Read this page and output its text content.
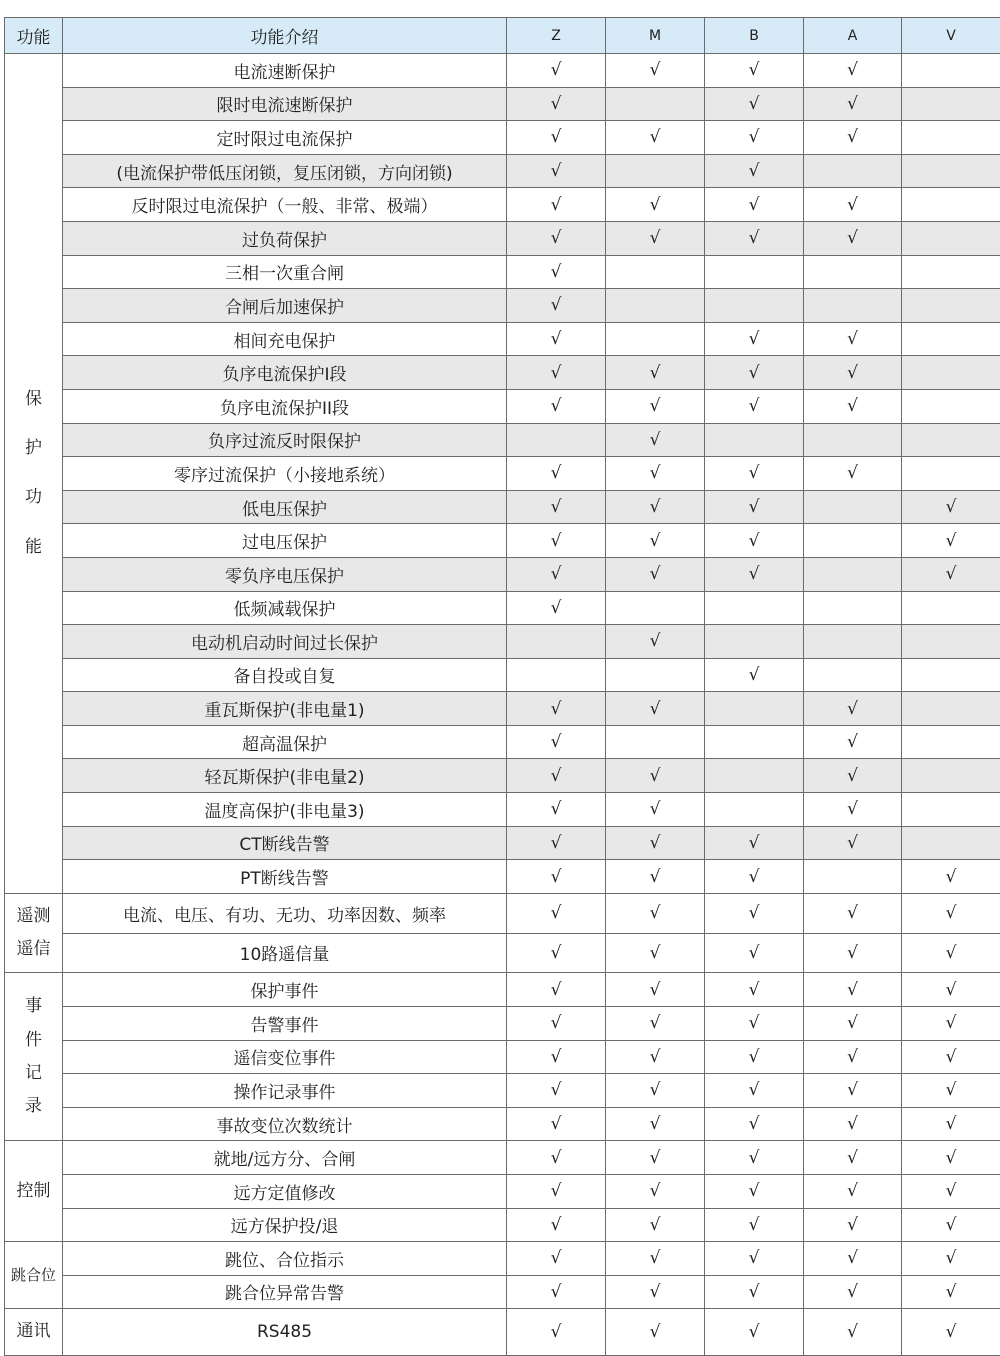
功能	功能介绍	Z	M	B	A	V

保
护
功
能	电流速断保护	√	√	√	√	
	限时电流速断保护	√		√	√	
	定时限过电流保护	√	√	√	√	
	(电流保护带低压闭锁，复压闭锁，方向闭锁)	√		√		
	反时限过电流保护（一般、非常、极端）	√	√	√	√	
	过负荷保护	√	√	√	√	
	三相一次重合闸	√				
	合闸后加速保护	√				
	相间充电保护	√		√	√	
	负序电流保护I段	√	√	√	√	
	负序电流保护II段	√	√	√	√	
	负序过流反时限保护		√			
	零序过流保护（小接地系统）	√	√	√	√	
	低电压保护	√	√	√		√
	过电压保护	√	√	√		√
	零负序电压保护	√	√	√		√
	低频减载保护	√				
	电动机启动时间过长保护		√			
	备自投或自复			√		
	重瓦斯保护(非电量1)	√	√		√	
	超高温保护	√			√	
	轻瓦斯保护(非电量2)	√	√		√	
	温度高保护(非电量3)	√	√		√	
	CT断线告警	√	√	√	√	
	PT断线告警	√	√	√		√

遥测
遥信	电流、电压、有功、无功、功率因数、频率	√	√	√	√	√
	10路遥信量	√	√	√	√	√

事
件
记
录	保护事件	√	√	√	√	√
	告警事件	√	√	√	√	√
	遥信变位事件	√	√	√	√	√
	操作记录事件	√	√	√	√	√
	事故变位次数统计	√	√	√	√	√

控制	就地/远方分、合闸	√	√	√	√	√
	远方定值修改	√	√	√	√	√
	远方保护投/退	√	√	√	√	√

跳合位	跳位、合位指示	√	√	√	√	√
	跳合位异常告警	√	√	√	√	√

通讯	RS485	√	√	√	√	√
